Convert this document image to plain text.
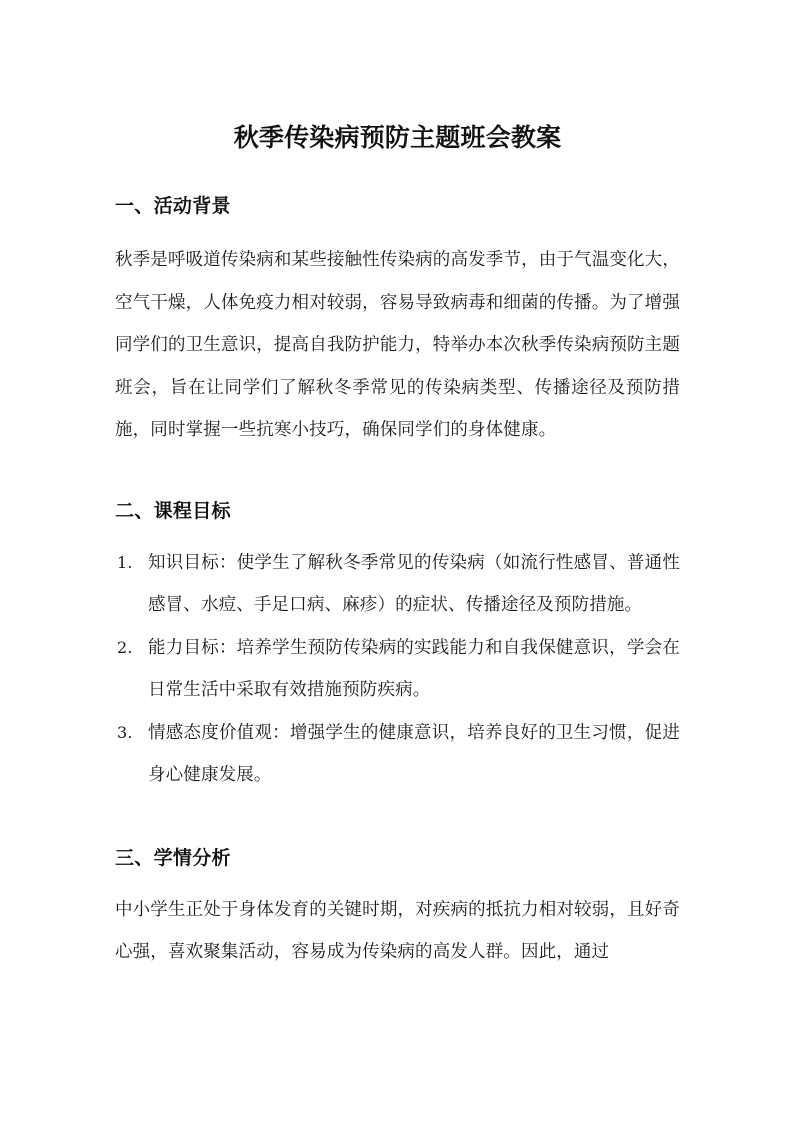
秋季传染病预防主题班会教案
一、活动背景

秋季是呼吸道传染病和某些接触性传染病的高发季节，由于气温变化大，空气干燥，人体免疫力相对较弱，容易导致病毒和细菌的传播。为了增强同学们的卫生意识，提高自我防护能力，特举办本次秋季传染病预防主题班会，旨在让同学们了解秋冬季常见的传染病类型、传播途径及预防措施，同时掌握一些抗寒小技巧，确保同学们的身体健康。

二、课程目标
1. 知识目标：使学生了解秋冬季常见的传染病（如流行性感冒、普通性感冒、水痘、手足口病、麻疹）的症状、传播途径及预防措施。
2. 能力目标：培养学生预防传染病的实践能力和自我保健意识，学会在日常生活中采取有效措施预防疾病。
3. 情感态度价值观：增强学生的健康意识，培养良好的卫生习惯，促进身心健康发展。
三、学情分析

中小学生正处于身体发育的关键时期，对疾病的抵抗力相对较弱，且好奇心强，喜欢聚集活动，容易成为传染病的高发人群。因此，通过
